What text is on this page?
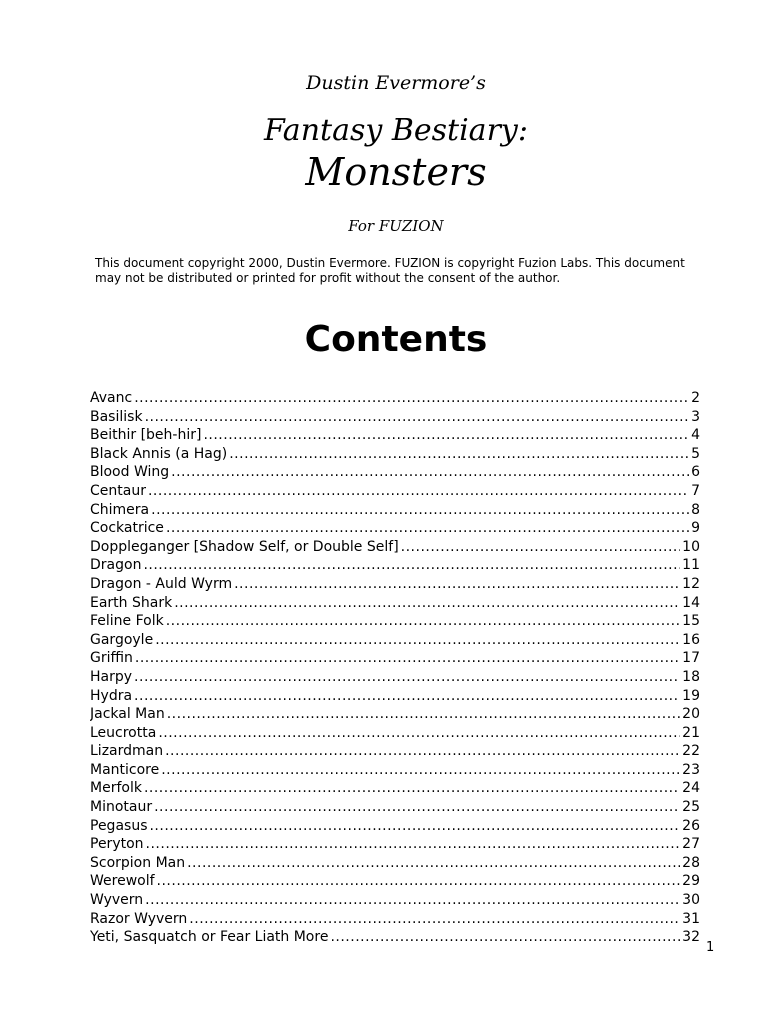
Dustin Evermore’s
Fantasy Bestiary:
Monsters
For FUZION
This document copyright 2000, Dustin Evermore. FUZION is copyright Fuzion Labs. This document may not be distributed or printed for profit without the consent of the author.
Contents
Avanc .....	2
Basilisk .....	3
Beithir [beh-hir] .....	4
Black Annis (a Hag) .....	5
Blood Wing .....	6
Centaur .....	7
Chimera .....	8
Cockatrice .....	9
Doppleganger [Shadow Self, or Double Self] .....	10
Dragon .....	11
Dragon - Auld Wyrm .....	12
Earth Shark .....	14
Feline Folk .....	15
Gargoyle .....	16
Griffin .....	17
Harpy .....	18
Hydra .....	19
Jackal Man .....	20
Leucrotta .....	21
Lizardman .....	22
Manticore .....	23
Merfolk .....	24
Minotaur .....	25
Pegasus .....	26
Peryton .....	27
Scorpion Man .....	28
Werewolf .....	29
Wyvern .....	30
Razor Wyvern .....	31
Yeti, Sasquatch or Fear Liath More .....	32
1
